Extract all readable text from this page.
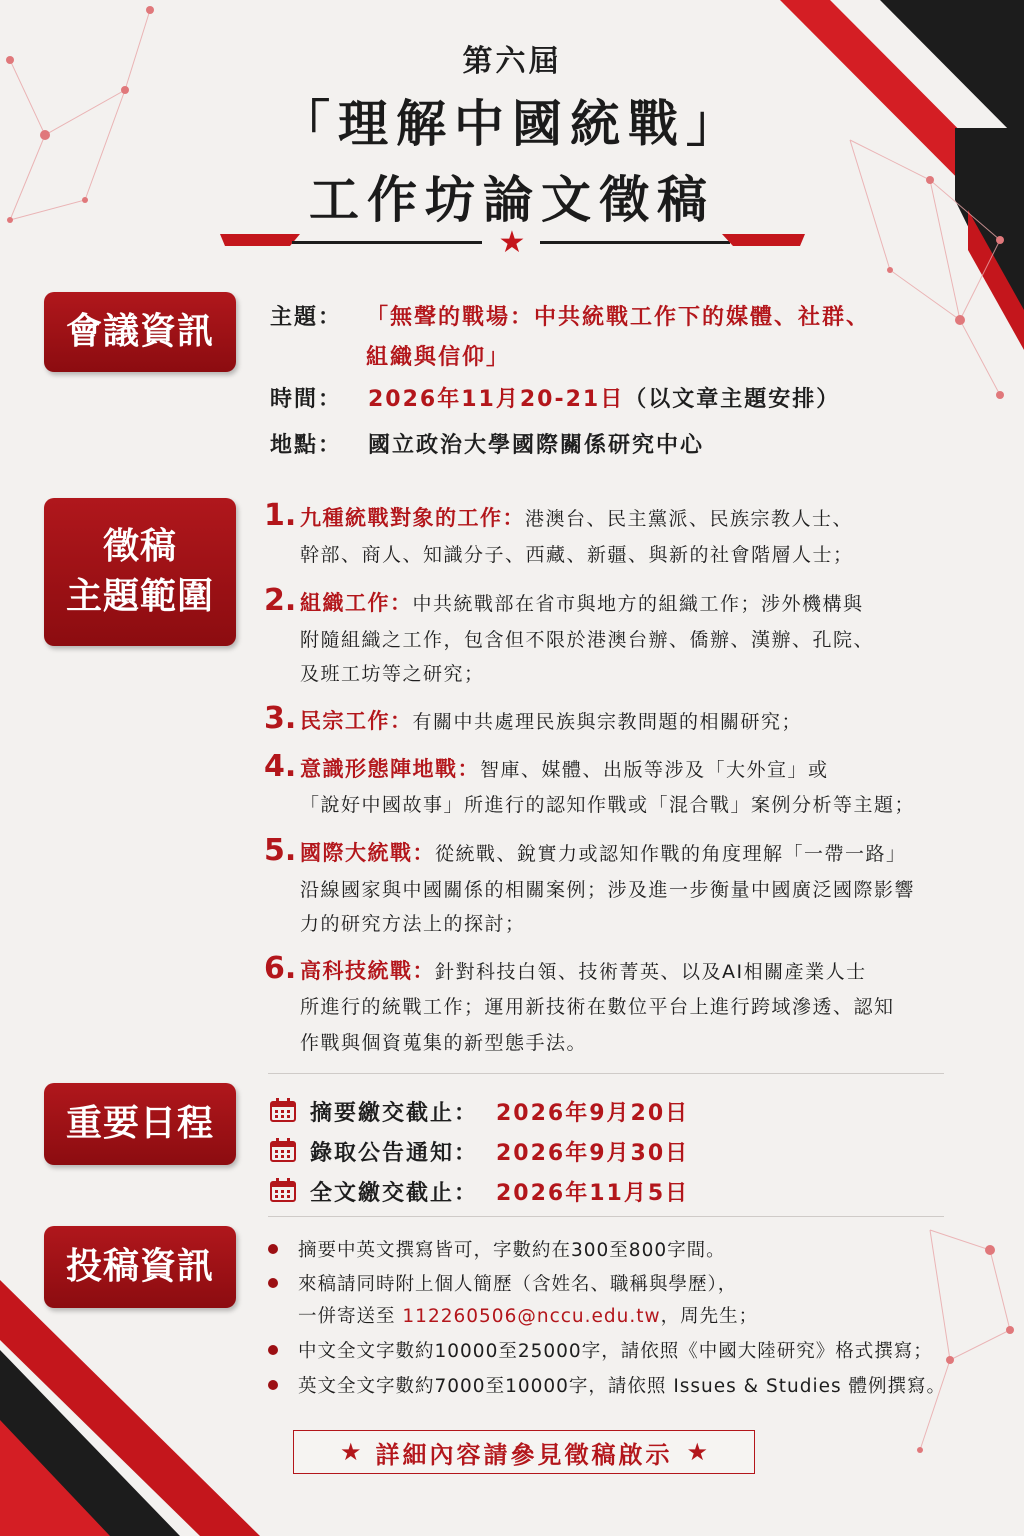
★
第六屆
「理解中國統戰」
工作坊論文徵稿
會議資訊	主題： 「無聲的戰場：中共統戰工作下的媒體、社群、
組織與信仰」
時間： 2026年11月20-21日（以文章主題安排）
地點： 國立政治大學國際關係研究中心
徵稿
主題範圍
1. 九種統戰對象的工作：港澳台、民主黨派、民族宗教人士、
幹部、商人、知識分子、西藏、新疆、與新的社會階層人士；
2. 組織工作：中共統戰部在省市與地方的組織工作；涉外機構與
附隨組織之工作，包含但不限於港澳台辦、僑辦、漢辦、孔院、
及班工坊等之研究；
3. 民宗工作：有關中共處理民族與宗教問題的相關研究；
4. 意識形態陣地戰：智庫、媒體、出版等涉及「大外宣」或
「說好中國故事」所進行的認知作戰或「混合戰」案例分析等主題；
5. 國際大統戰：從統戰、銳實力或認知作戰的角度理解「一帶一路」
沿線國家與中國關係的相關案例；涉及進一步衡量中國廣泛國際影響
力的研究方法上的探討；
6. 高科技統戰：針對科技白領、技術菁英、以及AI相關產業人士
所進行的統戰工作；運用新技術在數位平台上進行跨域滲透、認知
作戰與個資蒐集的新型態手法。
重要日程	摘要繳交截止： 2026年9月20日
錄取公告通知： 2026年9月30日
全文繳交截止： 2026年11月5日
投稿資訊	摘要中英文撰寫皆可，字數約在300至800字間。
來稿請同時附上個人簡歷（含姓名、職稱與學歷），
一併寄送至 112260506@nccu.edu.tw，周先生；
中文全文字數約10000至25000字，請依照《中國大陸研究》格式撰寫；
英文全文字數約7000至10000字，請依照 Issues & Studies 體例撰寫。
★ 詳細內容請參見徵稿啟示 ★
